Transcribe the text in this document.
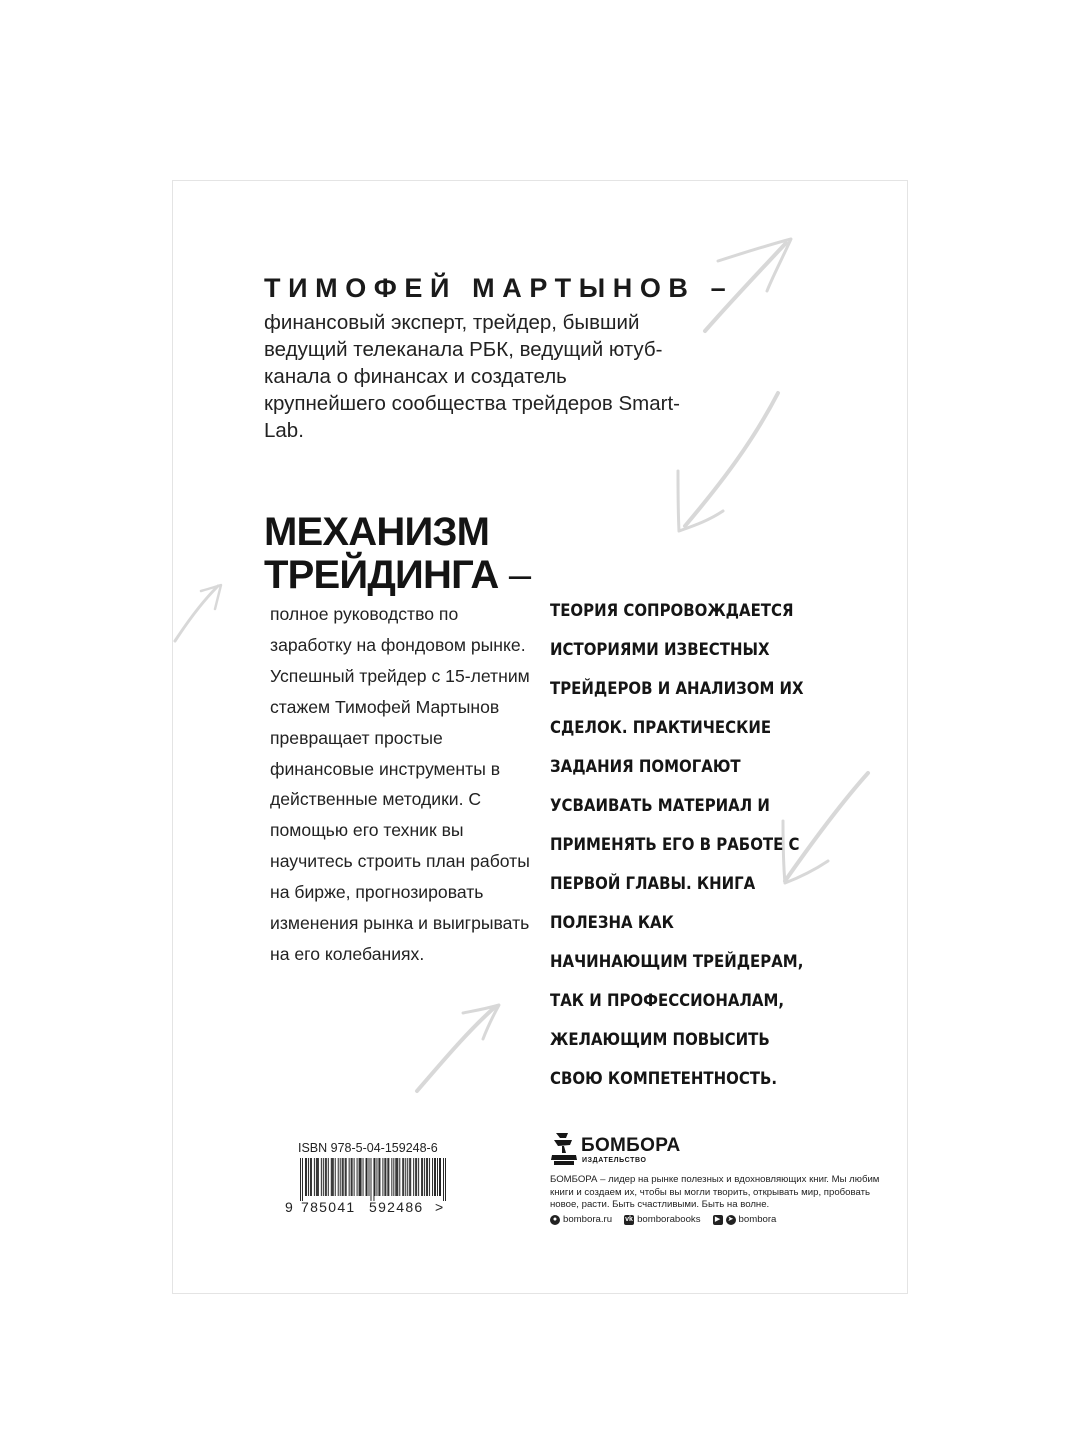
ТИМОФЕЙ МАРТЫНОВ –
финансовый эксперт, трейдер, бывший ведущий телеканала РБК, ведущий ютуб-канала о финансах и создатель крупнейшего сообщества трейдеров Smart-Lab.
МЕХАНИЗМ
ТРЕЙДИНГА –
полное руководство по заработку на фондовом рынке. Успешный трейдер с 15-летним стажем Тимофей Мартынов превращает простые финансовые инструменты в действенные методики. С помощью его техник вы научитесь строить план работы на бирже, прогнозировать изменения рынка и выигрывать на его колебаниях.
ТЕОРИЯ СОПРОВОЖДАЕТСЯ ИСТОРИЯМИ ИЗВЕСТНЫХ ТРЕЙДЕРОВ И АНАЛИЗОМ ИХ СДЕЛОК. ПРАКТИЧЕСКИЕ ЗАДАНИЯ ПОМОГАЮТ УСВАИВАТЬ МАТЕРИАЛ И ПРИМЕНЯТЬ ЕГО В РАБОТЕ С ПЕРВОЙ ГЛАВЫ. КНИГА ПОЛЕЗНА КАК НАЧИНАЮЩИМ ТРЕЙДЕРАМ, ТАК И ПРОФЕССИОНАЛАМ, ЖЕЛАЮЩИМ ПОВЫСИТЬ СВОЮ КОМПЕТЕНТНОСТЬ.
ISBN 978-5-04-159248-6
9 785041 592486 >
БОМБОРА
ИЗДАТЕЛЬСТВО
БОМБОРА – лидер на рынке полезных и вдохновляющих книг. Мы любим книги и создаем их, чтобы вы могли творить, открывать мир, пробовать новое, расти. Быть счастливыми. Быть на волне.
● bombora.ru vk bomborabooks	▶	➤ bombora
